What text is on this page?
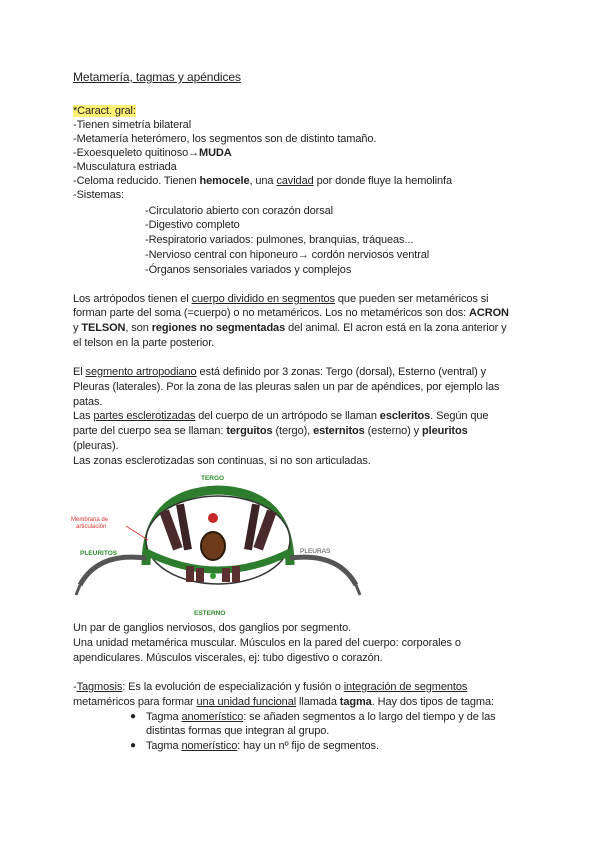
Metamería, tagmas y apéndices
*Caract. gral:
-Tienen simetría bilateral
-Metamería heterómero, los segmentos son de distinto tamaño.
-Exoesqueleto quitinoso→MUDA
-Musculatura estriada
-Celoma reducido. Tienen hemocele, una cavidad por donde fluye la hemolinfa
-Sistemas:
-Circulatorio abierto con corazón dorsal
-Digestivo completo
-Respiratorio variados: pulmones, branquias, tráqueas...
-Nervioso central con hiponeuro→ cordón nerviosos ventral
-Órganos sensoriales variados y complejos
Los artrópodos tienen el cuerpo dividido en segmentos que pueden ser metaméricos si
forman parte del soma (=cuerpo) o no metaméricos. Los no metaméricos son dos: ACRON
y TELSON, son regiones no segmentadas del animal. El acron está en la zona anterior y
el telson en la parte posterior.
El segmento artropodiano está definido por 3 zonas: Tergo (dorsal), Esterno (ventral) y
Pleuras (laterales). Por la zona de las pleuras salen un par de apéndices, por ejemplo las
patas.
Las partes esclerotizadas del cuerpo de un artrópodo se llaman escleritos. Según que
parte del cuerpo sea se llaman: terguitos (tergo), esternitos (esterno) y pleuritos
(pleuras).
Las zonas esclerotizadas son continuas, si no son articuladas.
TERGO
Membrana de
articulación
PLEURITOS	PLEURAS
ESTERNO
Un par de ganglios nerviosos, dos ganglios por segmento.
Una unidad metamérica muscular. Músculos en la pared del cuerpo: corporales o
apendiculares. Músculos viscerales, ej: tubo digestivo o corazón.
-Tagmosis: Es la evolución de especialización y fusión o integración de segmentos
metaméricos para formar una unidad funcional llamada tagma. Hay dos tipos de tagma:
● Tagma anomerístico: se añaden segmentos a lo largo del tiempo y de las
distintas formas que integran al grupo.
● Tagma nomerístico: hay un nº fijo de segmentos.
